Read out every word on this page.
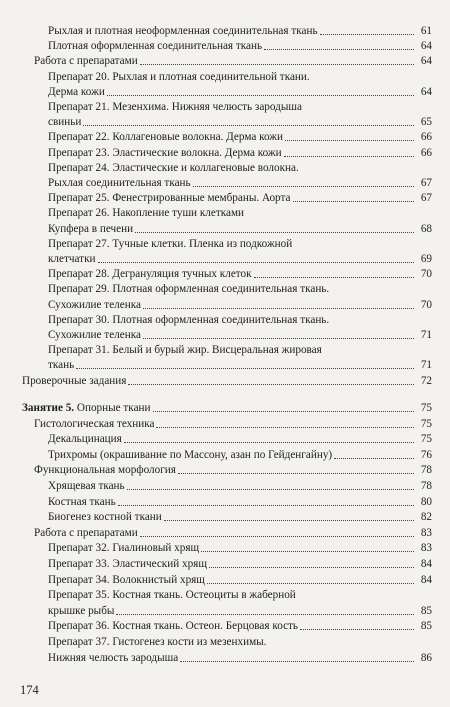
Рыхлая и плотная неоформленная соединительная ткань	61
Плотная оформленная соединительная ткань	64
Работа с препаратами	64
Препарат 20. Рыхлая и плотная соединительной ткани.
Дерма кожи	64
Препарат 21. Мезенхима. Нижняя челюсть зародыша
свиньи	65
Препарат 22. Коллагеновые волокна. Дерма кожи	66
Препарат 23. Эластические волокна. Дерма кожи	66
Препарат 24. Эластические и коллагеновые волокна.
Рыхлая соединительная ткань	67
Препарат 25. Фенестрированные мембраны. Аорта	67
Препарат 26. Накопление туши клетками
Купфера в печени	68
Препарат 27. Тучные клетки. Пленка из подкожной
клетчатки	69
Препарат 28. Дегрануляция тучных клеток	70
Препарат 29. Плотная оформленная соединительная ткань.
Сухожилие теленка	70
Препарат 30. Плотная оформленная соединительная ткань.
Сухожилие теленка	71
Препарат 31. Белый и бурый жир. Висцеральная жировая
ткань	71
Проверочные задания	72
Занятие 5. Опорные ткани	75
Гистологическая техника	75
Декальцинация	75
Трихромы (окрашивание по Массону, азан по Гейденгайну)	76
Функциональная морфология	78
Хрящевая ткань	78
Костная ткань	80
Биогенез костной ткани	82
Работа с препаратами	83
Препарат 32. Гиалиновый хрящ	83
Препарат 33. Эластический хрящ	84
Препарат 34. Волокнистый хрящ	84
Препарат 35. Костная ткань. Остеоциты в жаберной
крышке рыбы	85
Препарат 36. Костная ткань. Остеон. Берцовая кость	85
Препарат 37. Гистогенез кости из мезенхимы.
Нижняя челюсть зародыша	86
174
